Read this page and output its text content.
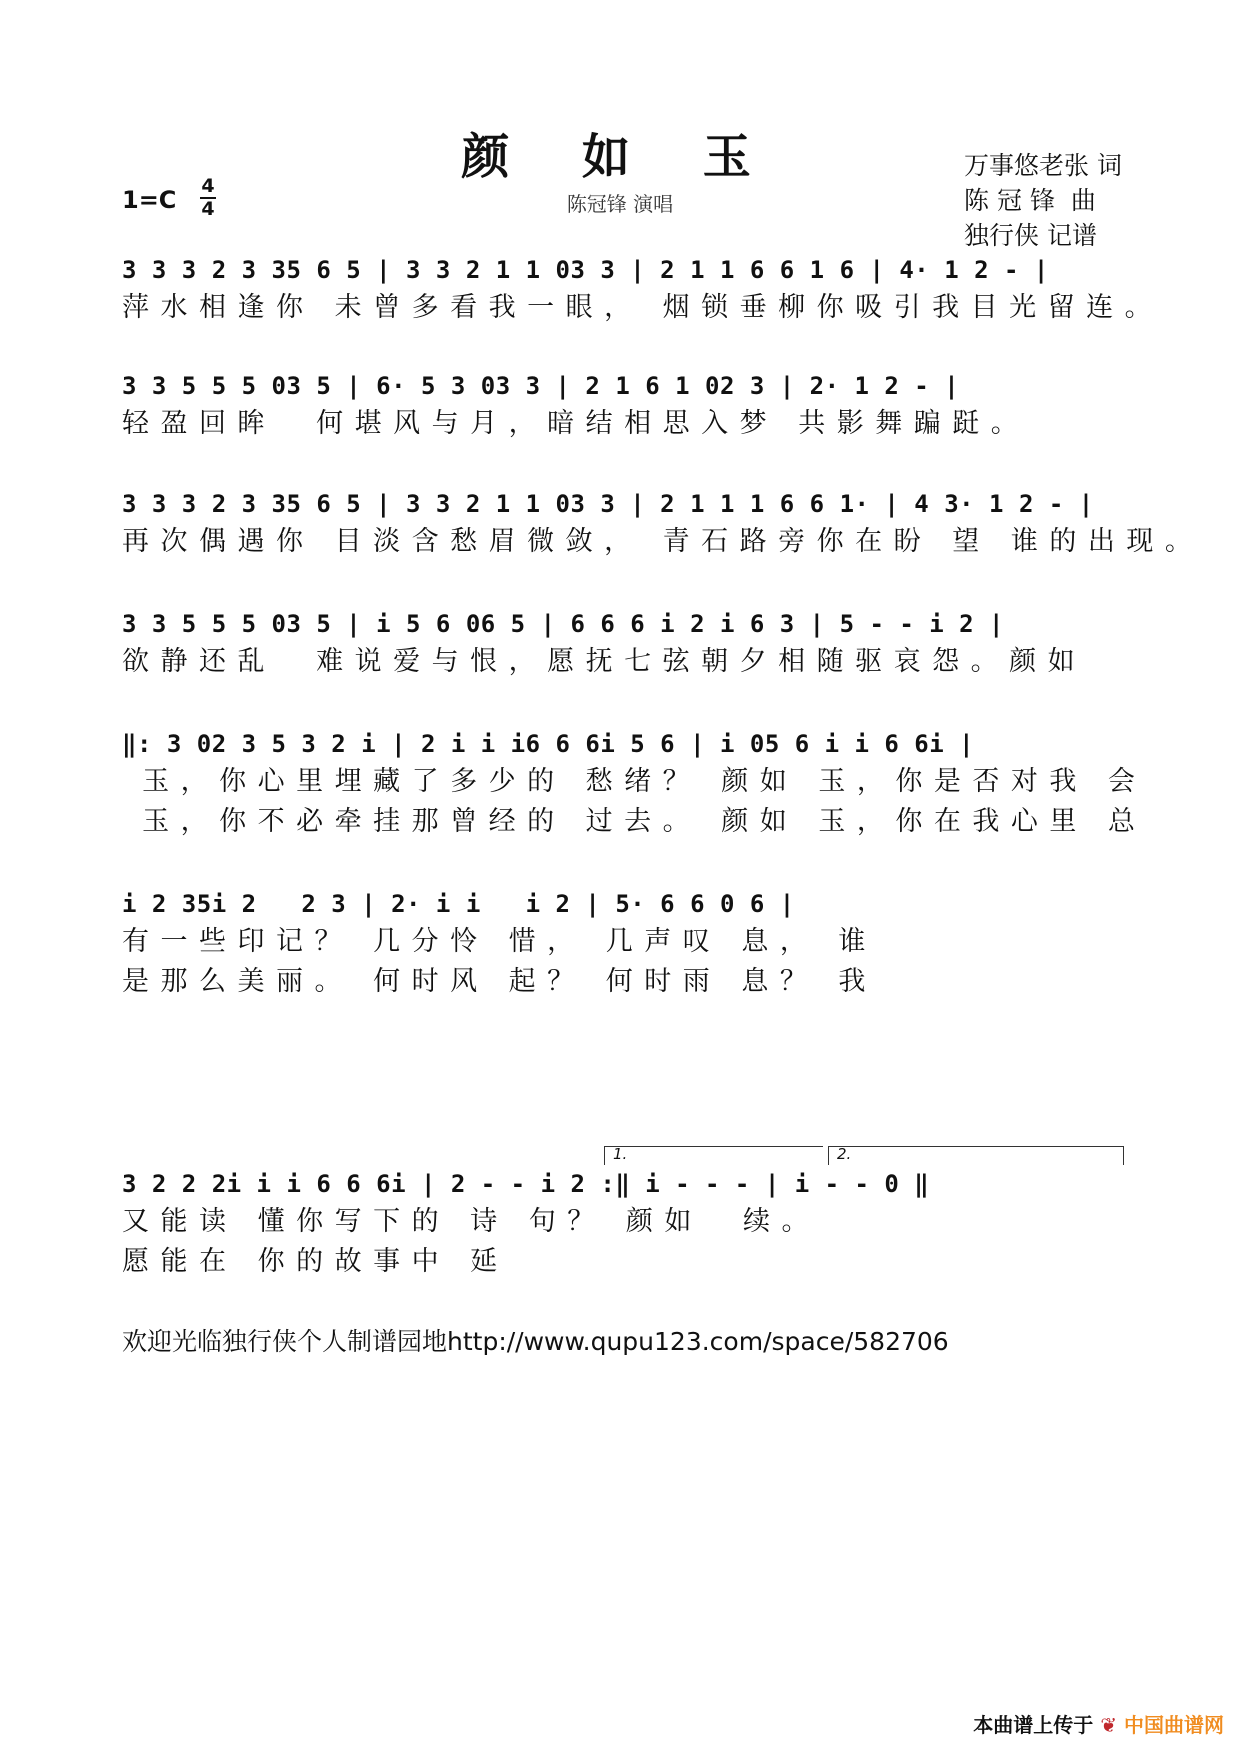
颜 如 玉
陈冠锋 演唱
万事悠老张 词
陈 冠 锋  曲
独行侠 记谱
1=C 4
4
3 3 3 2 3 35 6 5 | 3 3 2 1 1 03 3 | 2 1 1 6 6 1 6 | 4· 1 2 - |
萍水相逢你 未曾多看我一眼， 烟锁垂柳你吸引我目光留连。
3 3 5 5 5 03 5 | 6· 5 3 03 3 | 2 1 6 1 02 3 | 2· 1 2 - |
轻盈回眸  何堪风与月，暗结相思入梦 共影舞蹁跹。
3 3 3 2 3 35 6 5 | 3 3 2 1 1 03 3 | 2 1 1 1 6 6 1· | 4 3· 1 2 - |
再次偶遇你 目淡含愁眉微敛， 青石路旁你在盼 望 谁的出现。
3 3 5 5 5 03 5 | i 5 6 06 5 | 6 6 6 i 2 i 6 3 | 5 - - i 2 |
欲静还乱  难说爱与恨，愿抚七弦朝夕相随驱哀怨。颜如
‖: 3 02 3 5 3 2 i | 2 i i i6 6 6i 5 6 | i 05 6 i i 6 6i |
玉，你心里埋藏了多少的 愁绪？ 颜如 玉，你是否对我 会
玉，你不必牵挂那曾经的 过去。 颜如 玉，你在我心里 总
i 2 35i 2   2 3 | 2· i i   i 2 | 5· 6 6 0 6 |
有一些印记？ 几分怜 惜， 几声叹 息， 谁
是那么美丽。 何时风 起？ 何时雨 息？ 我
1.	2.
3 2 2 2i i i 6 6 6i | 2 - - i 2 :‖ i - - - | i - - 0 ‖
又能读 懂你写下的 诗 句？ 颜如  续。
愿能在 你的故事中 延
欢迎光临独行侠个人制谱园地http://www.qupu123.com/space/582706
本曲谱上传于 ❦ 中国曲谱网
